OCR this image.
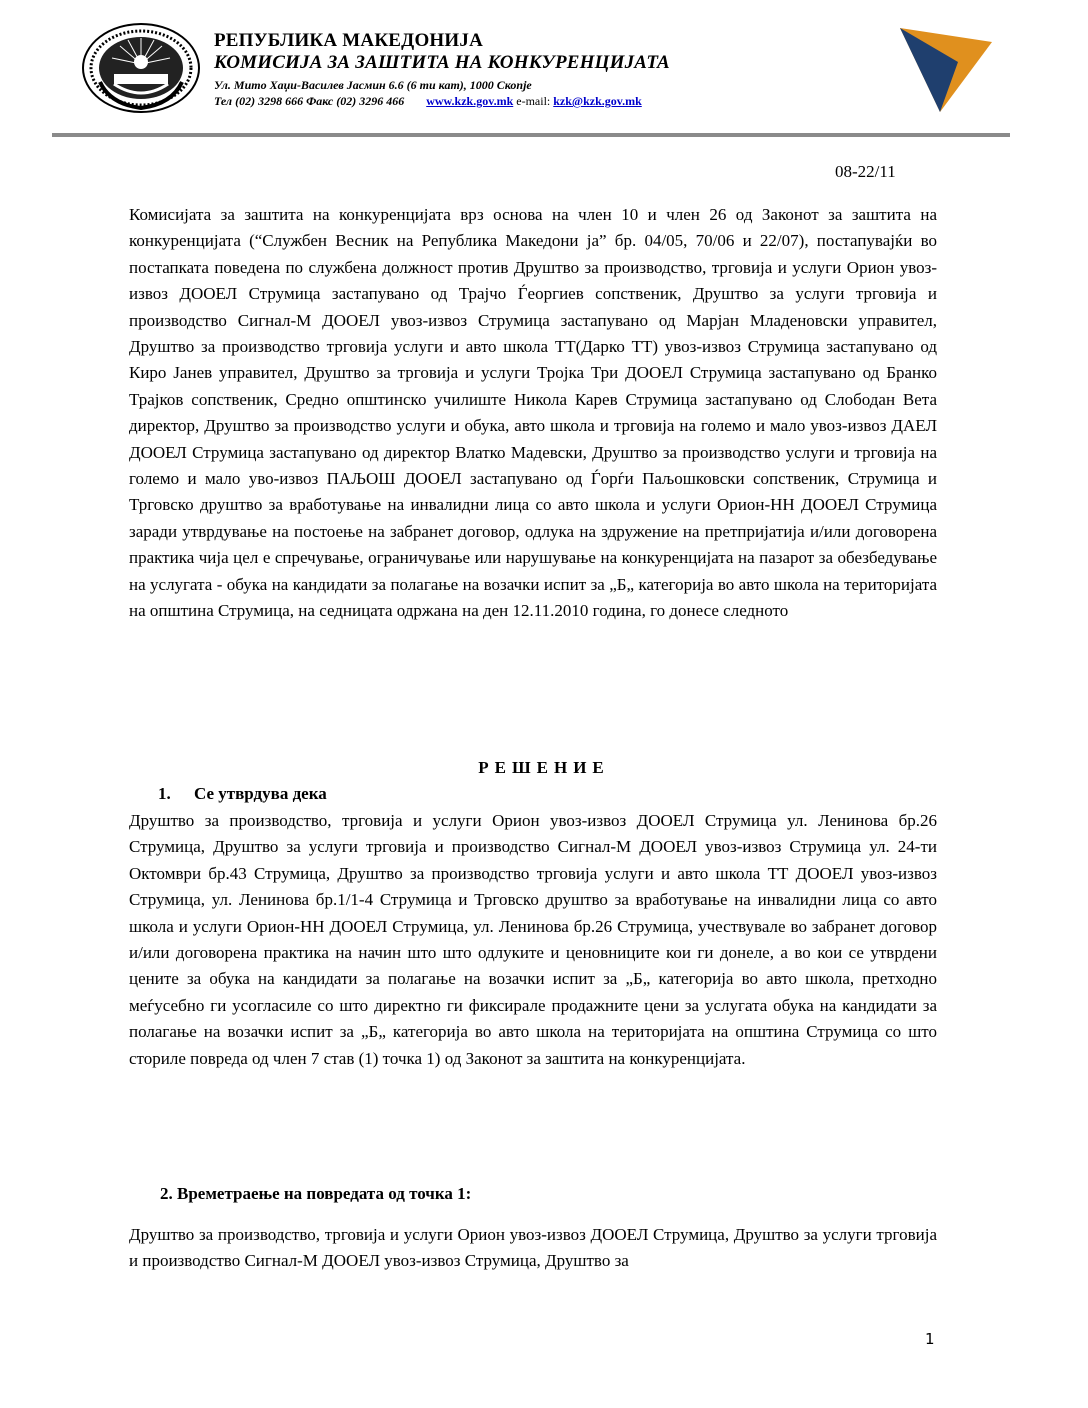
РЕПУБЛИКА МАКЕДОНИЈА
КОМИСИЈА ЗА ЗАШТИТА НА КОНКУРЕНЦИЈАТА
Ул. Митo Хаџи-Василев Јасмин 6.6 (6 ти кат), 1000 Скопје
Тел (02) 3298 666 Факс (02) 3296 466 www.kzk.gov.mk e-mail: kzk@kzk.gov.mk
08-22/11

Комисијата за заштита на конкуренцијата врз основа на член 10 и член 26 од Законот за заштита на конкуренцијата (“Службен Весник на Република Македони ја” бр. 04/05, 70/06 и 22/07), постапувајќи во постапката поведена по службена должност против Друштво за производство, трговија и услуги Орион увоз-извоз ДООЕЛ Струмица застапувано од Трајчо Ѓеоргиев сопственик, Друштво за услуги трговија и производство Сигнал-М ДООЕЛ увоз-извоз Струмица застапувано од Марјан Младеновски управител, Друштво за производство трговија услуги и авто школа ТТ(Дарко ТТ) увоз-извоз Струмица застапувано од Киро Јанев управител, Друштво за трговија и услуги Тројка Три ДООЕЛ Струмица застапувано од Бранко Трајков сопственик, Средно општинско училиште Никола Карев Струмица застапувано од Слободан Вета директор, Друштво за производство услуги и обука, авто школа и трговија на големо и мало увоз-извоз ДАЕЛ ДООЕЛ Струмица застапувано од директор Влатко Мадевски, Друштво за производство услуги и трговија на големо и мало уво-извоз ПАЉОШ ДООЕЛ застапувано од Ѓорѓи Паљошковски сопственик, Струмица и Трговско друштво за вработување на инвалидни лица со авто школа и услуги Орион-НН ДООЕЛ Струмица заради утврдување на постоење на забранет договор, одлука на здружение на претпријатија и/или договорена практика чија цел е спречување, ограничување или нарушување на конкуренцијата на пазарот за обезбедување на услугата - обука на кандидати за полагање на возачки испит за „Б„ категорија во авто школа на територијата на општина Струмица, на седницата одржана на ден 12.11.2010 година, го донесе следното

РЕШЕНИЕ
1. Се утврдува дека

Друштво за производство, трговија и услуги Орион увоз-извоз ДООЕЛ Струмица ул. Ленинова бр.26 Струмица, Друштво за услуги трговија и производство Сигнал-М ДООЕЛ увоз-извоз Струмица ул. 24-ти Октомври бр.43 Струмица, Друштво за производство трговија услуги и авто школа ТТ ДООЕЛ увоз-извоз Струмица, ул. Ленинова бр.1/1-4 Струмица и Трговско друштво за вработување на инвалидни лица со авто школа и услуги Орион-НН ДООЕЛ Струмица, ул. Ленинова бр.26 Струмица, учествувале во забранет договор и/или договорена практика на начин што што одлуките и ценовниците кои ги донеле, а во кои се утврдени цените за обука на кандидати за полагање на возачки испит за „Б„ категорија во авто школа, претходно меѓусебно ги усогласиле со што директно ги фиксирале продажните цени за услугата обука на кандидати за полагање на возачки испит за „Б„ категорија во авто школа на територијата на општина Струмица со што сториле повреда од член 7 став (1) точка 1) од Законот за заштита на конкуренцијата.

2. Времетраење на повредата од точка 1:

Друштво за производство, трговија и услуги Орион увоз-извоз ДООЕЛ Струмица, Друштво за услуги трговија и производство Сигнал-М ДООЕЛ увоз-извоз Струмица, Друштво за

1
